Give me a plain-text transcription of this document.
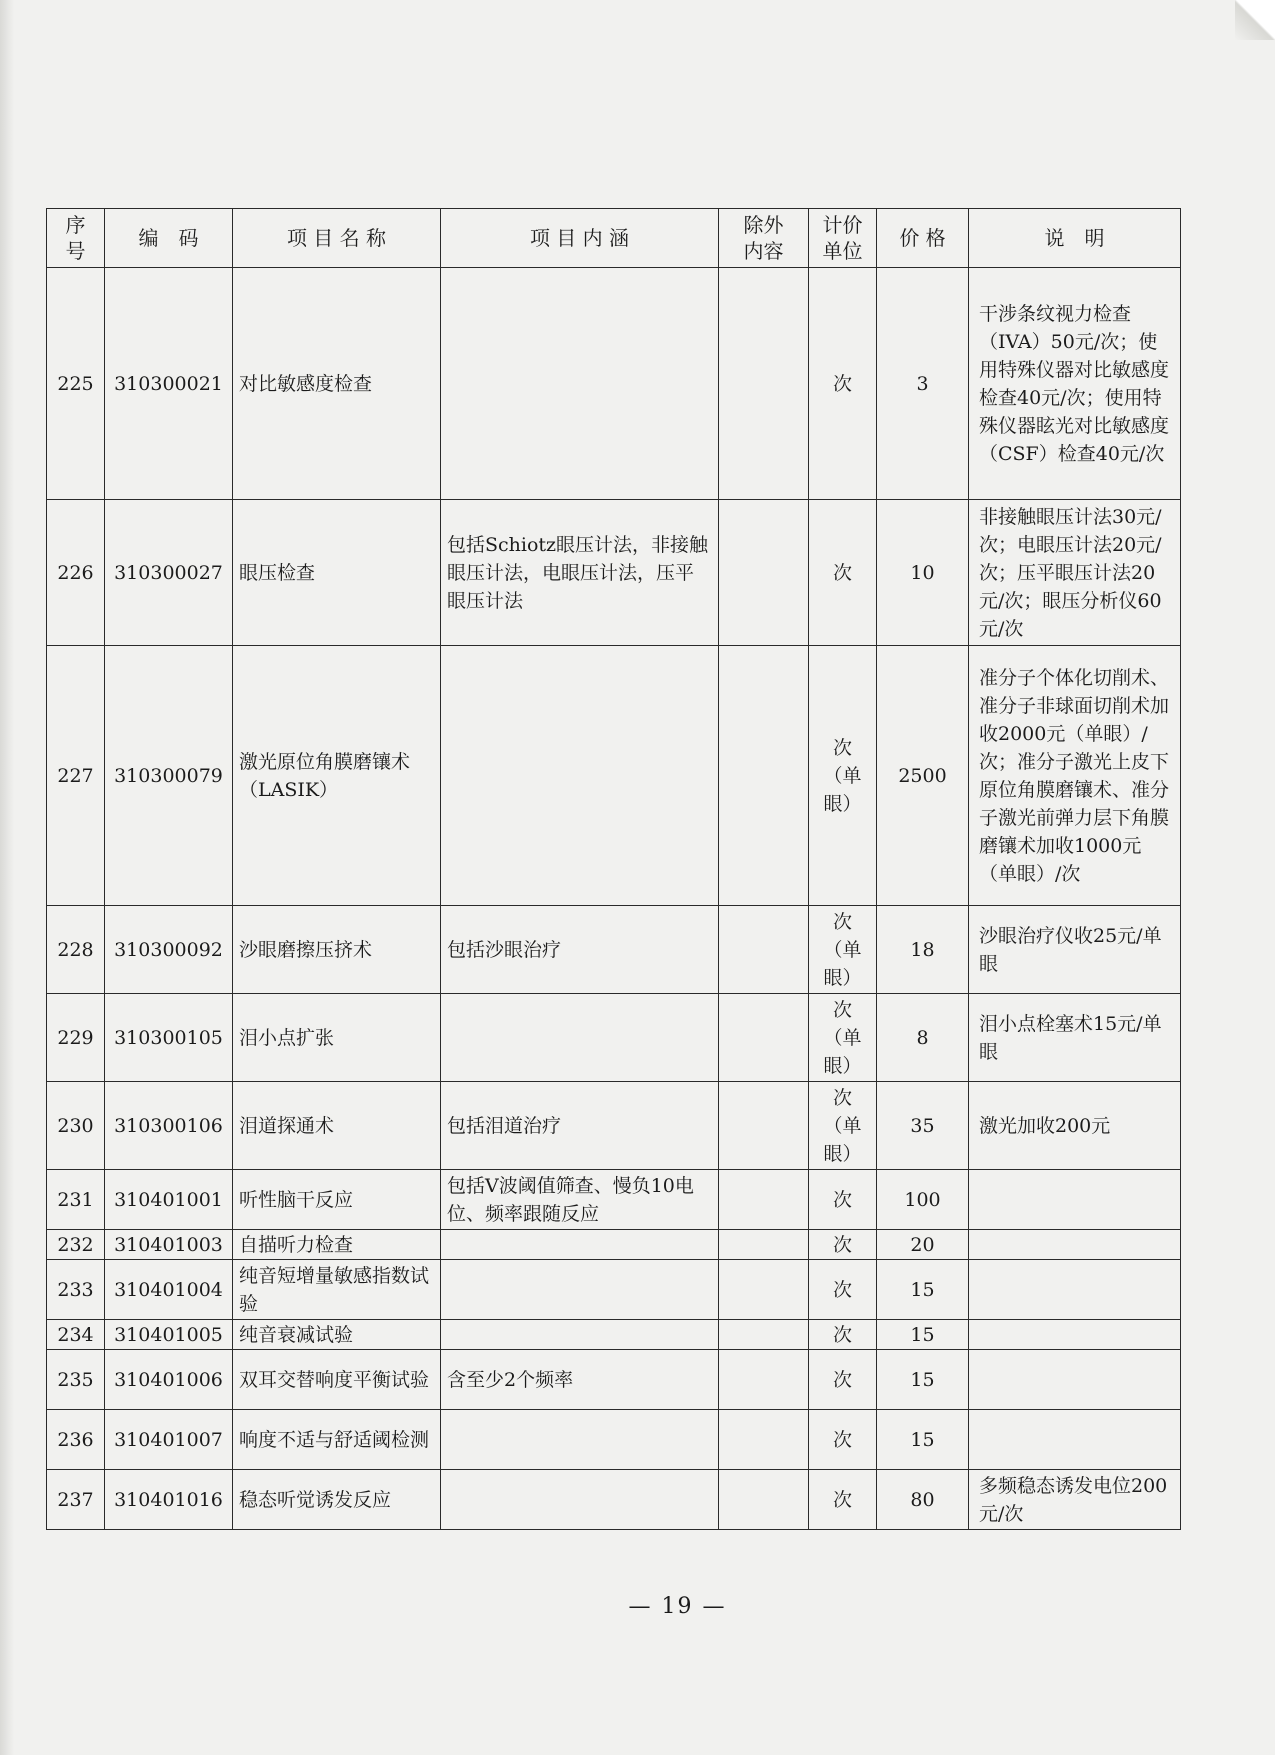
序号	编　码	项 目 名 称	项 目 内 涵	除外内容	计价单位	价 格	说　明
225	310300021	对比敏感度检查			次	3	干涉条纹视力检查（IVA）50元/次；使用特殊仪器对比敏感度检查40元/次；使用特殊仪器眩光对比敏感度（CSF）检查40元/次
226	310300027	眼压检查	包括Schiotz眼压计法，非接触眼压计法，电眼压计法，压平眼压计法		次	10	非接触眼压计法30元/次；电眼压计法20元/次；压平眼压计法20元/次；眼压分析仪60元/次
227	310300079	激光原位角膜磨镶术（LASIK）			次（单眼）	2500	准分子个体化切削术、准分子非球面切削术加收2000元（单眼）/次；准分子激光上皮下原位角膜磨镶术、准分子激光前弹力层下角膜磨镶术加收1000元（单眼）/次
228	310300092	沙眼磨擦压挤术	包括沙眼治疗		次（单眼）	18	沙眼治疗仪收25元/单眼
229	310300105	泪小点扩张			次（单眼）	8	泪小点栓塞术15元/单眼
230	310300106	泪道探通术	包括泪道治疗		次（单眼）	35	激光加收200元
231	310401001	听性脑干反应	包括V波阈值筛查、慢负10电位、频率跟随反应		次	100	
232	310401003	自描听力检查			次	20	
233	310401004	纯音短增量敏感指数试验			次	15	
234	310401005	纯音衰减试验			次	15	
235	310401006	双耳交替响度平衡试验	含至少2个频率		次	15	
236	310401007	响度不适与舒适阈检测			次	15	
237	310401016	稳态听觉诱发反应			次	80	多频稳态诱发电位200元/次
— 19 —
